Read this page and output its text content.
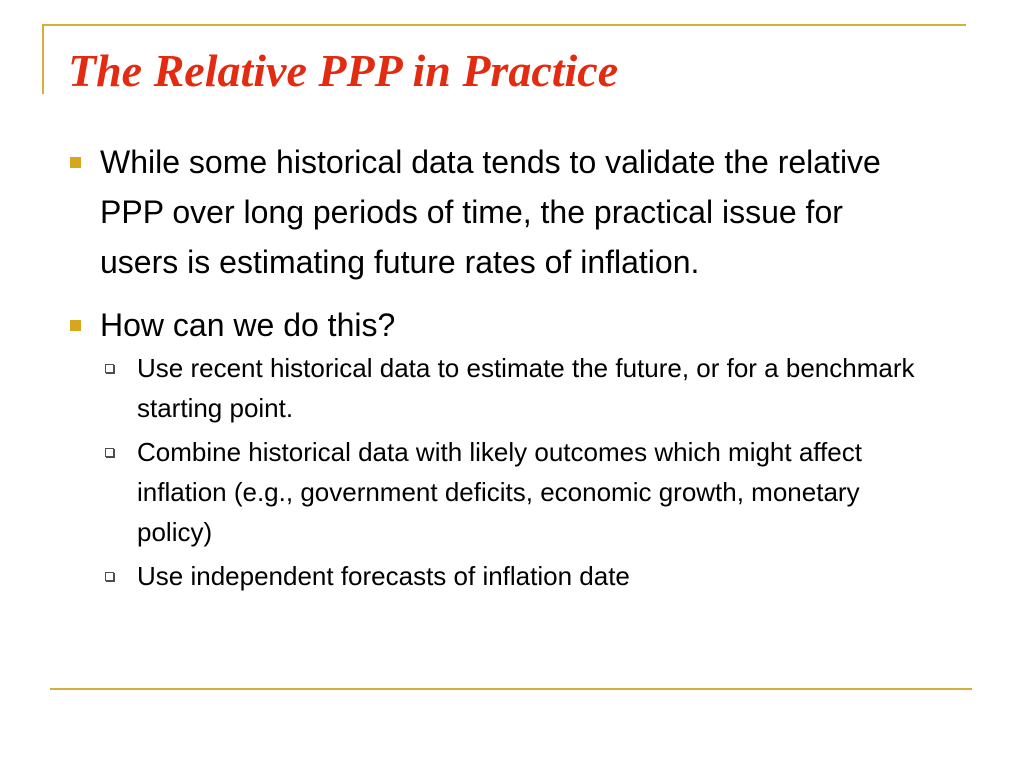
The Relative PPP in Practice
While some historical data tends to validate the relative PPP over long periods of time, the practical issue for users is estimating future rates of inflation.
How can we do this?
Use recent historical data to estimate the future, or for a benchmark starting point.
Combine historical data with likely outcomes which might affect inflation (e.g., government deficits, economic growth, monetary policy)
Use independent forecasts of inflation date
